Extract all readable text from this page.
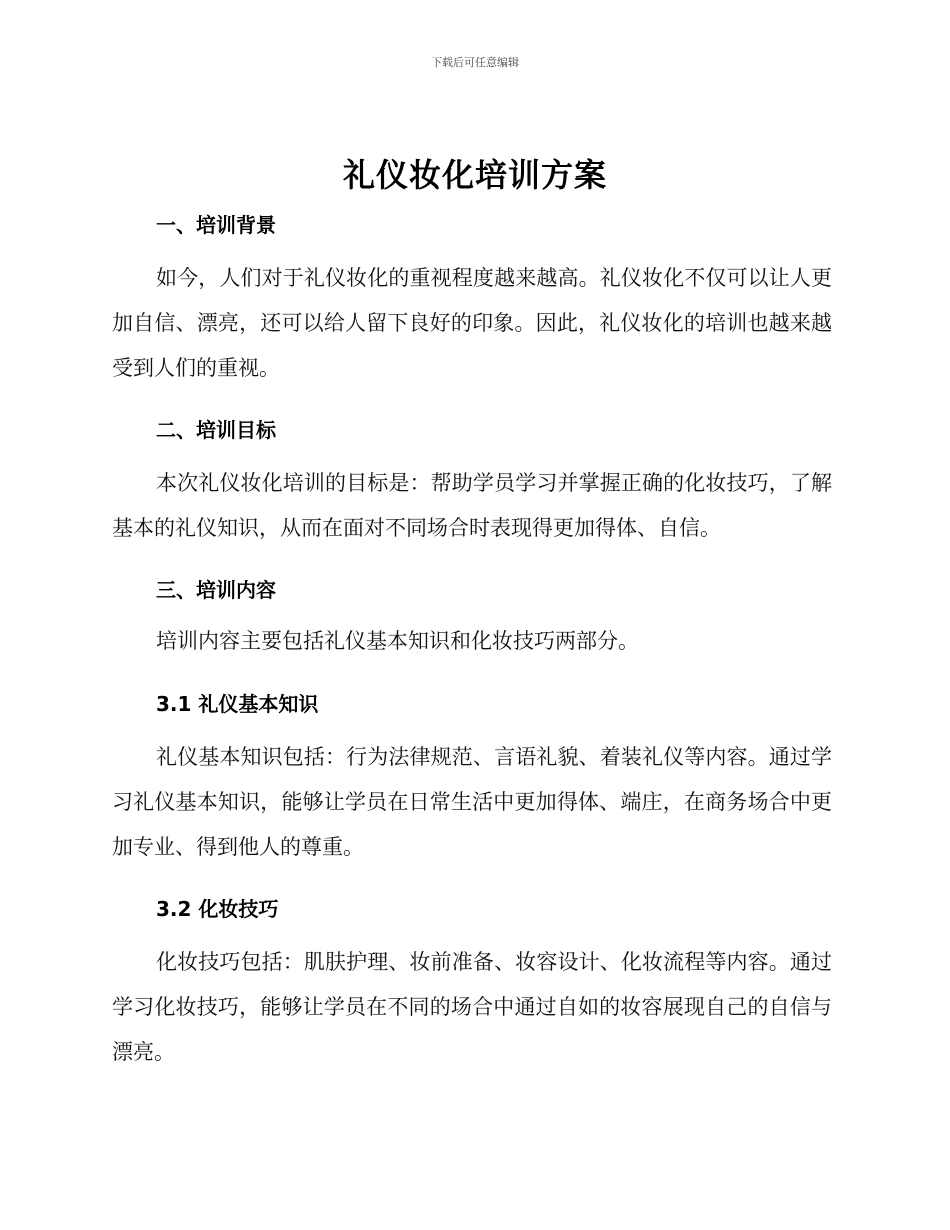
下载后可任意编辑
礼仪妆化培训方案
一、培训背景
如今，人们对于礼仪妆化的重视程度越来越高。礼仪妆化不仅可以让人更加自信、漂亮，还可以给人留下良好的印象。因此，礼仪妆化的培训也越来越受到人们的重视。
二、培训目标
本次礼仪妆化培训的目标是：帮助学员学习并掌握正确的化妆技巧，了解基本的礼仪知识，从而在面对不同场合时表现得更加得体、自信。
三、培训内容
培训内容主要包括礼仪基本知识和化妆技巧两部分。
3.1 礼仪基本知识
礼仪基本知识包括：行为法律规范、言语礼貌、着装礼仪等内容。通过学习礼仪基本知识，能够让学员在日常生活中更加得体、端庄，在商务场合中更加专业、得到他人的尊重。
3.2 化妆技巧
化妆技巧包括：肌肤护理、妆前准备、妆容设计、化妆流程等内容。通过学习化妆技巧，能够让学员在不同的场合中通过自如的妆容展现自己的自信与漂亮。
